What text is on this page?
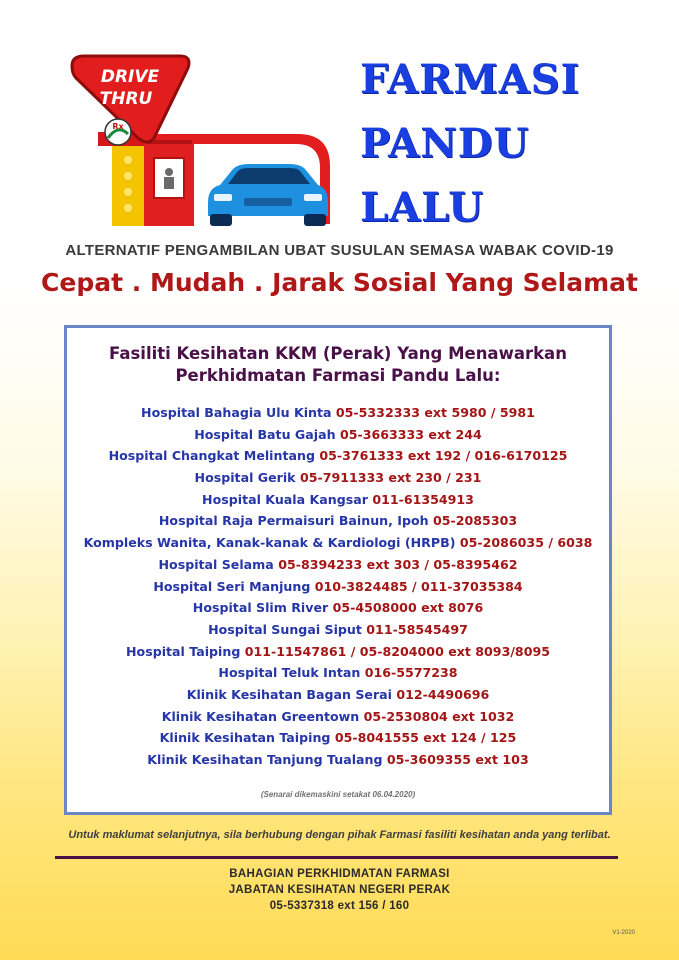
DRIVE
THRU
Rx
FARMASI
PANDU
LALU
ALTERNATIF PENGAMBILAN UBAT SUSULAN SEMASA WABAK COVID-19
Cepat . Mudah . Jarak Sosial Yang Selamat
Fasiliti Kesihatan KKM (Perak) Yang Menawarkan
Perkhidmatan Farmasi Pandu Lalu:
Hospital Bahagia Ulu Kinta 05-5332333 ext 5980 / 5981
Hospital Batu Gajah 05-3663333 ext 244
Hospital Changkat Melintang 05-3761333 ext 192 / 016-6170125
Hospital Gerik 05-7911333 ext 230 / 231
Hospital Kuala Kangsar 011-61354913
Hospital Raja Permaisuri Bainun, Ipoh 05-2085303
Kompleks Wanita, Kanak-kanak & Kardiologi (HRPB) 05-2086035 / 6038
Hospital Selama 05-8394233 ext 303 / 05-8395462
Hospital Seri Manjung 010-3824485 / 011-37035384
Hospital Slim River 05-4508000 ext 8076
Hospital Sungai Siput 011-58545497
Hospital Taiping 011-11547861 / 05-8204000 ext 8093/8095
Hospital Teluk Intan 016-5577238
Klinik Kesihatan Bagan Serai 012-4490696
Klinik Kesihatan Greentown 05-2530804 ext 1032
Klinik Kesihatan Taiping 05-8041555 ext 124 / 125
Klinik Kesihatan Tanjung Tualang 05-3609355 ext 103
(Senarai dikemaskini setakat 06.04.2020)
Untuk maklumat selanjutnya, sila berhubung dengan pihak Farmasi fasiliti kesihatan anda yang terlibat.
BAHAGIAN PERKHIDMATAN FARMASI
JABATAN KESIHATAN NEGERI PERAK
05-5337318 ext 156 / 160
V1-2020
